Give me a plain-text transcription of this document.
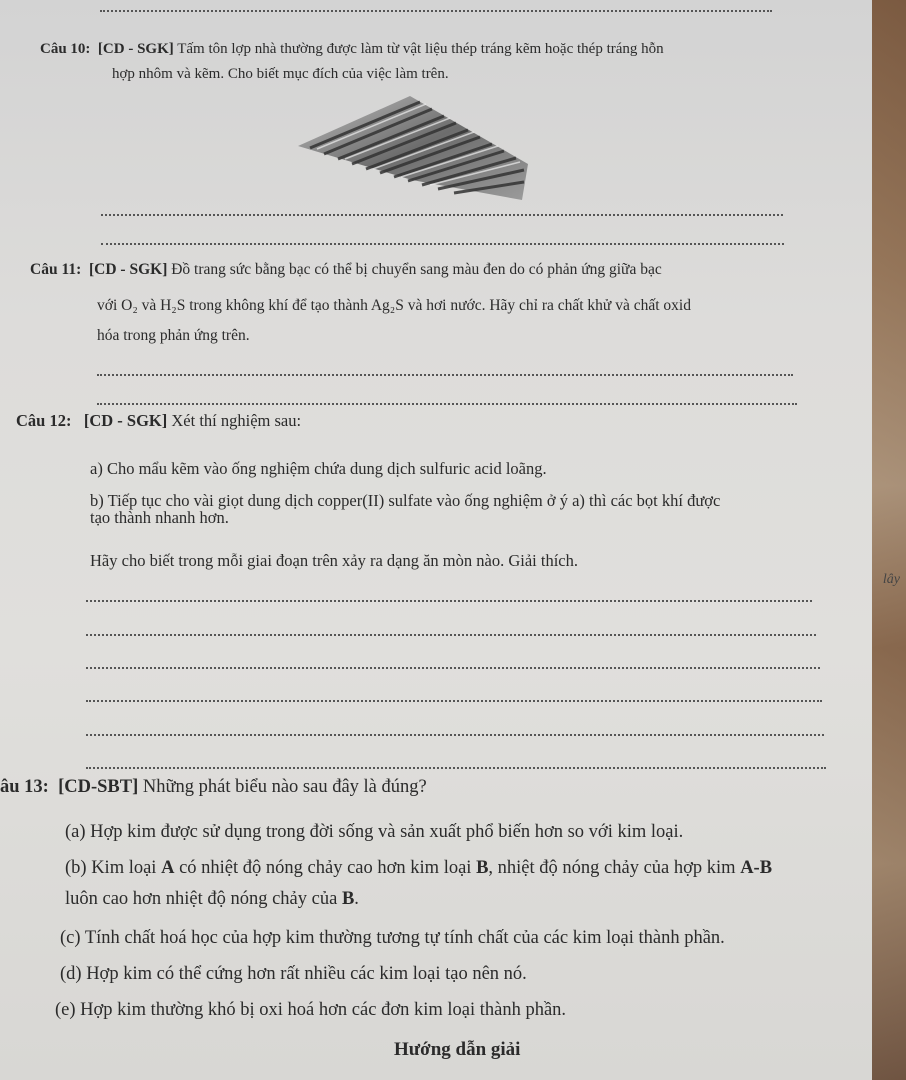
Câu 10: [CD - SGK] Tấm tôn lợp nhà thường được làm từ vật liệu thép tráng kẽm hoặc thép tráng hỗn
hợp nhôm và kẽm. Cho biết mục đích của việc làm trên.
Câu 11: [CD - SGK] Đồ trang sức bằng bạc có thể bị chuyển sang màu đen do có phản ứng giữa bạc
với O₂ và H₂S trong không khí để tạo thành Ag₂S và hơi nước. Hãy chỉ ra chất khử và chất oxid
hóa trong phản ứng trên.
Câu 12: [CD - SGK] Xét thí nghiệm sau:
a) Cho mẩu kẽm vào ống nghiệm chứa dung dịch sulfuric acid loãng.
b) Tiếp tục cho vài giọt dung dịch copper(II) sulfate vào ống nghiệm ở ý a) thì các bọt khí được
tạo thành nhanh hơn.
Hãy cho biết trong mỗi giai đoạn trên xảy ra dạng ăn mòn nào. Giải thích.
âu 13: [CD-SBT] Những phát biểu nào sau đây là đúng?
(a) Hợp kim được sử dụng trong đời sống và sản xuất phổ biến hơn so với kim loại.
(b) Kim loại A có nhiệt độ nóng chảy cao hơn kim loại B, nhiệt độ nóng chảy của hợp kim A-B
luôn cao hơn nhiệt độ nóng chảy của B.
(c) Tính chất hoá học của hợp kim thường tương tự tính chất của các kim loại thành phần.
(d) Hợp kim có thể cứng hơn rất nhiều các kim loại tạo nên nó.
(e) Hợp kim thường khó bị oxi hoá hơn các đơn kim loại thành phần.
Hướng dẫn giải
lây
